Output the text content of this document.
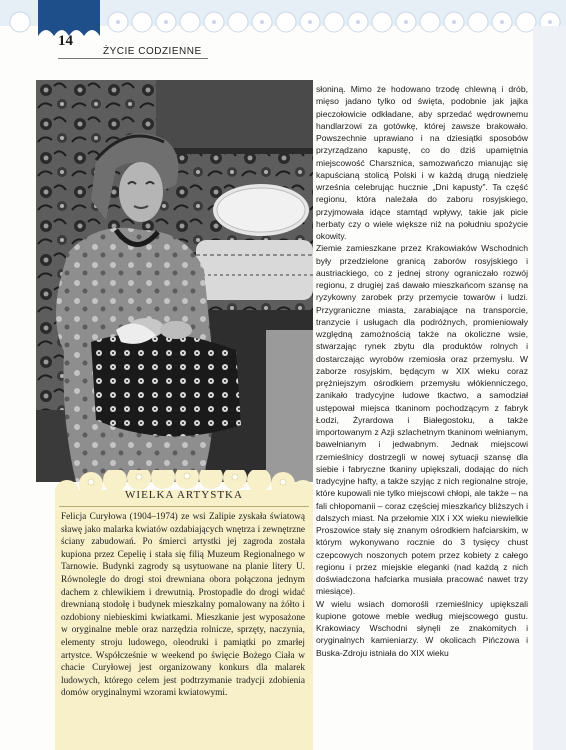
14
ŻYCIE CODZIENNE

słoniną. Mimo że hodowano trzodę chlewną i drób, mięso jadano tylko od święta, podobnie jak jajka pieczołowicie odkładane, aby sprzedać wędrownemu handlarzowi za gotówkę, której zawsze brakowało. Powszechnie uprawiano i na dziesiątki sposobów przyrządzano kapustę, co do dziś upamiętnia miejscowość Charsznica, samozwańczo mianując się kapuścianą stolicą Polski i w każdą drugą niedzielę września celebrując hucznie „Dni kapusty". Ta część regionu, która należała do zaboru rosyjskiego, przyjmowała idące stamtąd wpływy, takie jak picie herbaty czy o wiele większe niż na południu spożycie okowity.

Ziemie zamieszkane przez Krakowiaków Wschodnich były przedzielone granicą zaborów rosyjskiego i austriackiego, co z jednej strony ograniczało rozwój regionu, z drugiej zaś dawało mieszkańcom szansę na ryzykowny zarobek przy przemycie towarów i ludzi. Przygraniczne miasta, zarabiające na transporcie, tranzycie i usługach dla podróżnych, promieniowały względną zamożnością także na okoliczne wsie, stwarzając rynek zbytu dla produktów rolnych i dostarczając wyrobów rzemiosła oraz przemysłu. W zaborze rosyjskim, będącym w XIX wieku coraz prężniejszym ośrodkiem przemysłu włókienniczego, zanikało tradycyjne ludowe tkactwo, a samodział ustępował miejsca tkaninom pochodzącym z fabryk Łodzi, Żyrardowa i Białegostoku, a także importowanym z Azji szlachetnym tkaninom wełnianym, bawełnianym i jedwabnym. Jednak miejscowi rzemieślnicy dostrzegli w nowej sytuacji szansę dla siebie i fabryczne tkaniny upiększali, dodając do nich tradycyjne hafty, a także szyjąc z nich regionalne stroje, które kupowali nie tylko miejscowi chłopi, ale także – na fali chłopomanii – coraz częściej mieszkańcy bliższych i dalszych miast. Na przełomie XIX i XX wieku niewielkie Proszowice stały się znanym ośrodkiem hafciarskim, w którym wykonywano rocznie do 3 tysięcy chust czepcowych noszonych potem przez kobiety z całego regionu i przez miejskie eleganki (nad każdą z nich doświadczona hafciarka musiała pracować nawet trzy miesiące).

W wielu wsiach domorośli rzemieślnicy upiększali kupione gotowe meble według miejscowego gustu. Krakowiacy Wschodni słynęli ze znakomitych i oryginalnych kamieniarzy. W okolicach Pińczowa i Buska-Zdroju istniała do XIX wieku

WIELKA ARTYSTKA
Felicja Curyłowa (1904–1974) ze wsi Zalipie zyskała światową sławę jako malarka kwiatów ozdabiających wnętrza i zewnętrzne ściany zabudowań. Po śmierci artystki jej zagroda została kupiona przez Cepelię i stała się filią Muzeum Regionalnego w Tarnowie. Budynki zagrody są usytuowane na planie litery U. Równolegle do drogi stoi drewniana obora połączona jednym dachem z chlewikiem i drewutnią. Prostopadle do drogi widać drewnianą stodołę i budynek mieszkalny pomalowany na żółto i ozdobiony niebieskimi kwiatkami. Mieszkanie jest wyposażone w oryginalne meble oraz narzędzia rolnicze, sprzęty, naczynia, elementy stroju ludowego, oleodruki i pamiątki po zmarłej artystce. Współcześnie w weekend po święcie Bożego Ciała w chacie Curyłowej jest organizowany konkurs dla malarek ludowych, którego celem jest podtrzymanie tradycji zdobienia domów oryginalnymi wzorami kwiatowymi.
